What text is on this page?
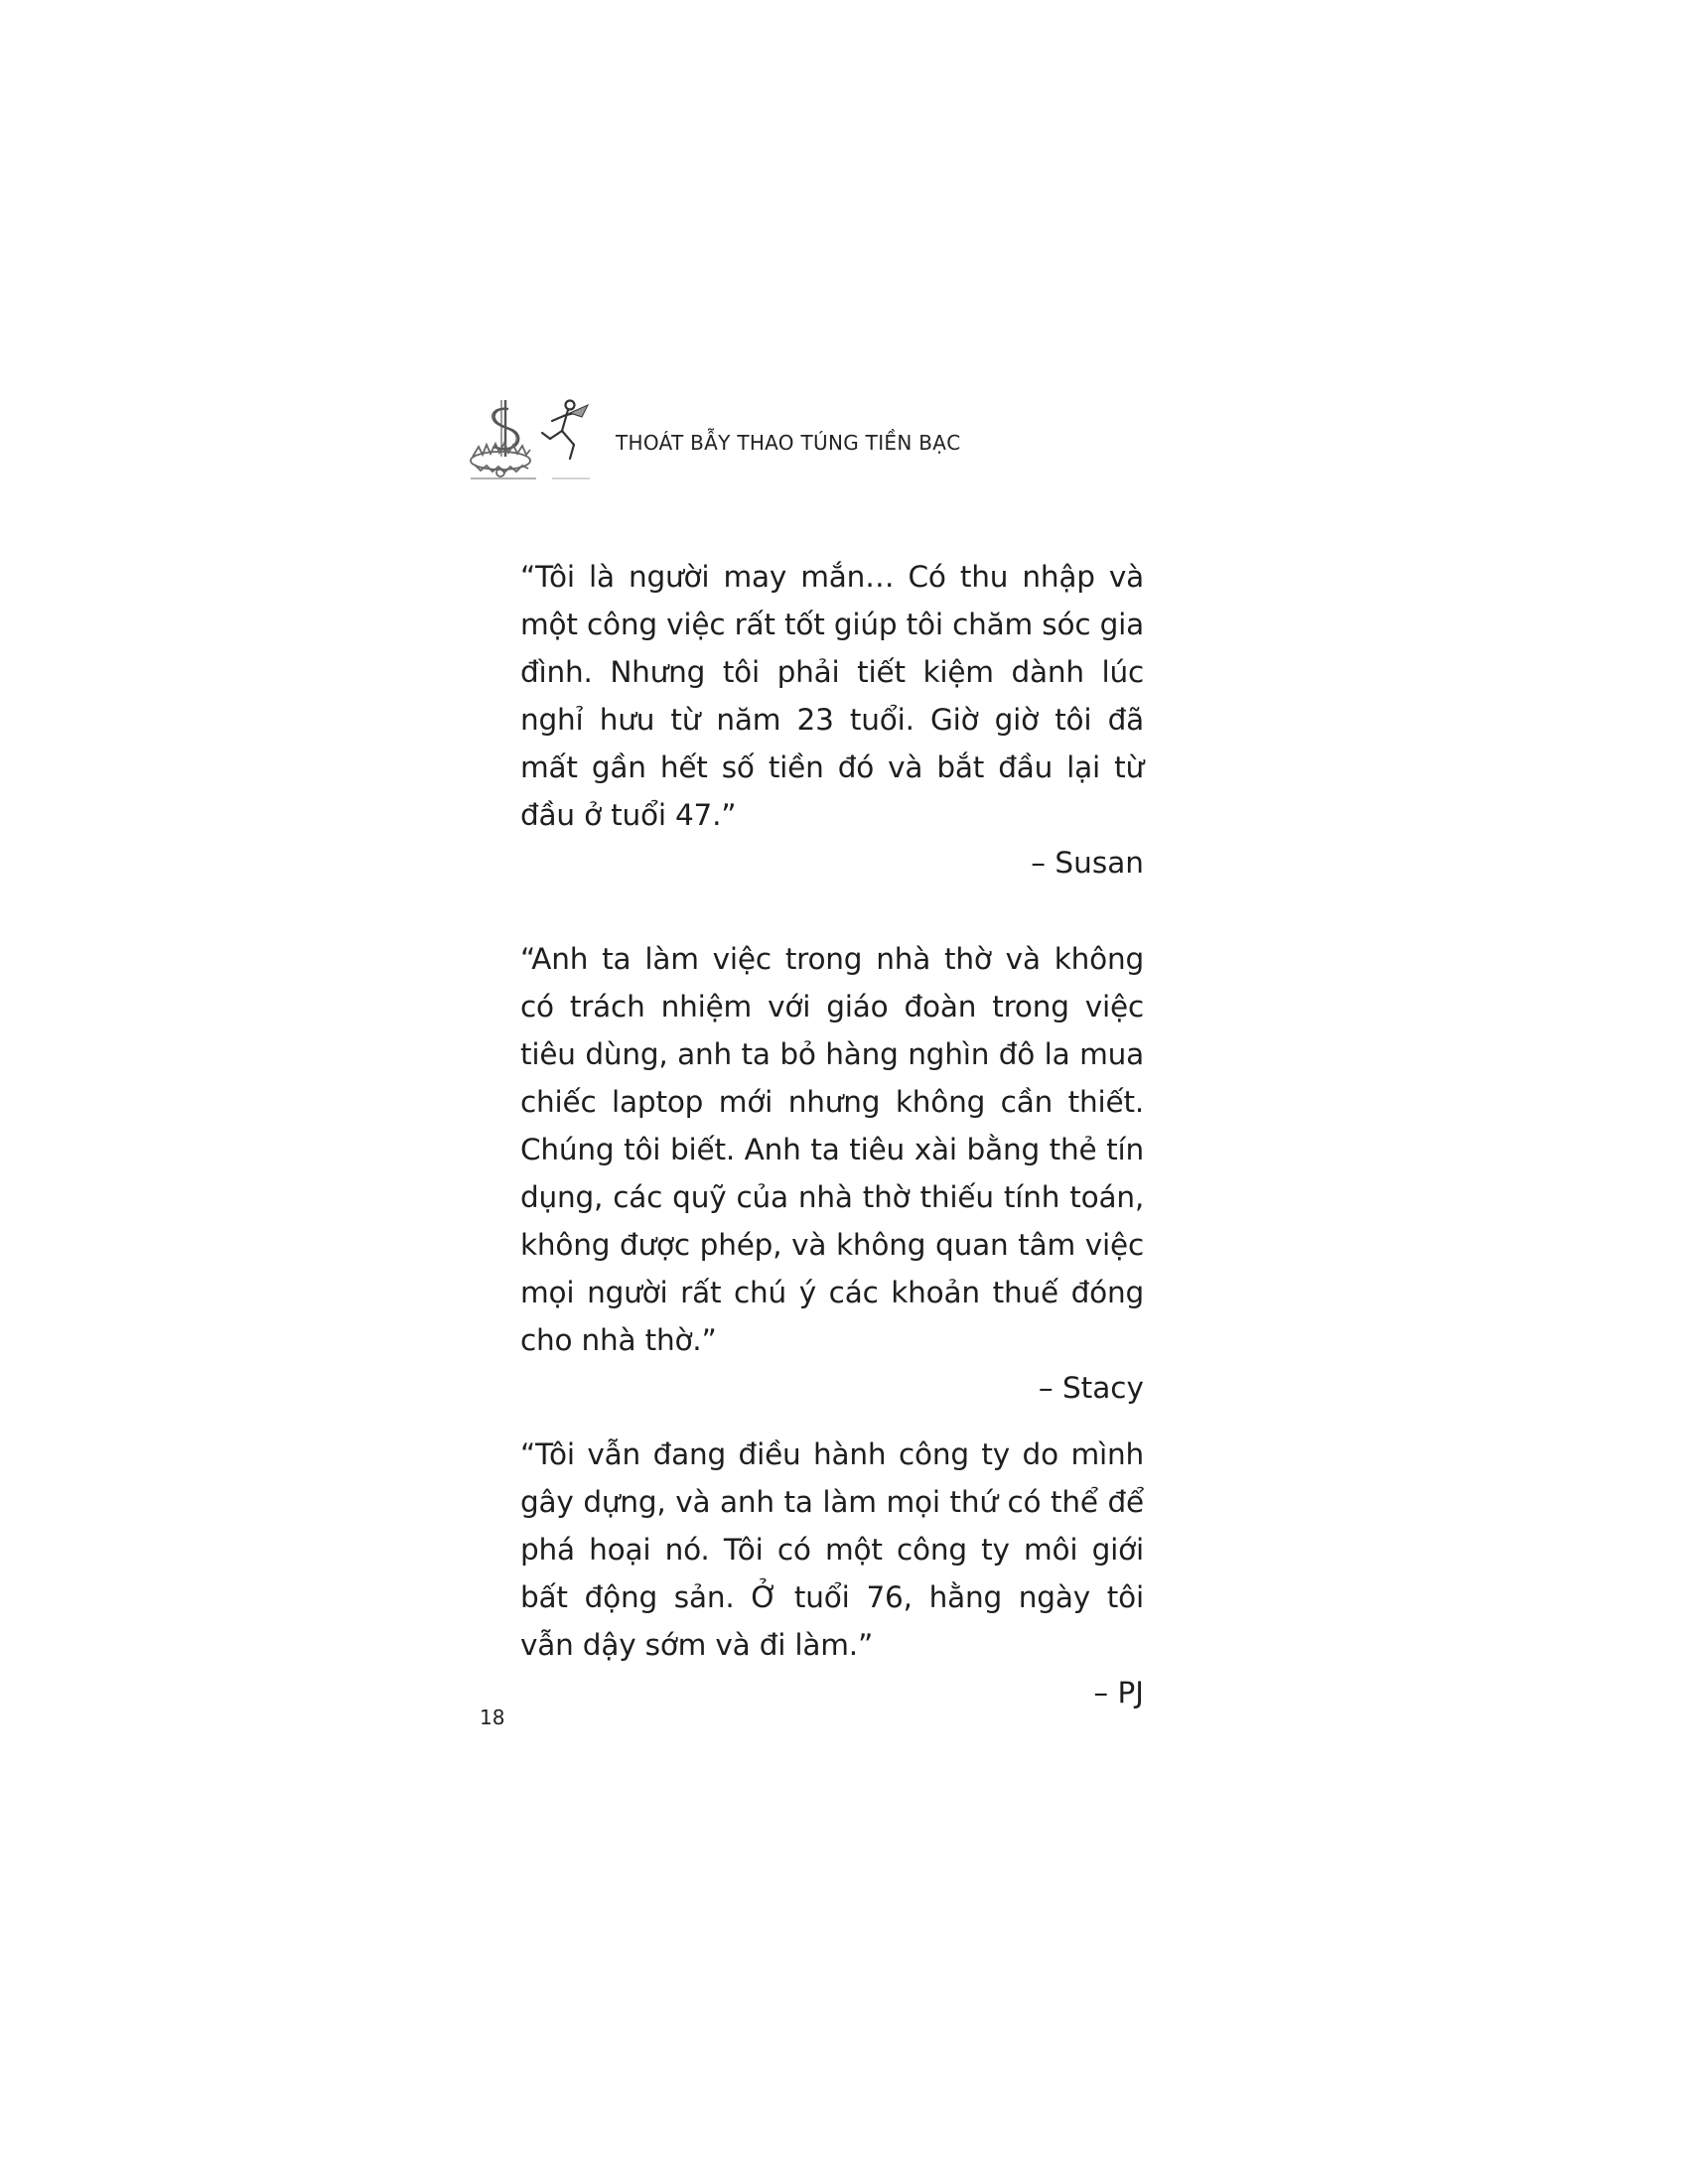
THOÁT BẪY THAO TÚNG TIỀN BẠC

“Tôi là người may mắn… Có thu nhập và một công việc rất tốt giúp tôi chăm sóc gia đình. Nhưng tôi phải tiết kiệm dành lúc nghỉ hưu từ năm 23 tuổi. Giờ giờ tôi đã mất gần hết số tiền đó và bắt đầu lại từ đầu ở tuổi 47.”

– Susan

“Anh ta làm việc trong nhà thờ và không có trách nhiệm với giáo đoàn trong việc tiêu dùng, anh ta bỏ hàng nghìn đô la mua chiếc laptop mới nhưng không cần thiết. Chúng tôi biết. Anh ta tiêu xài bằng thẻ tín dụng, các quỹ của nhà thờ thiếu tính toán, không được phép, và không quan tâm việc mọi người rất chú ý các khoản thuế đóng cho nhà thờ.”

– Stacy

“Tôi vẫn đang điều hành công ty do mình gây dựng, và anh ta làm mọi thứ có thể để phá hoại nó. Tôi có một công ty môi giới bất động sản. Ở tuổi 76, hằng ngày tôi vẫn dậy sớm và đi làm.”

– PJ
18
